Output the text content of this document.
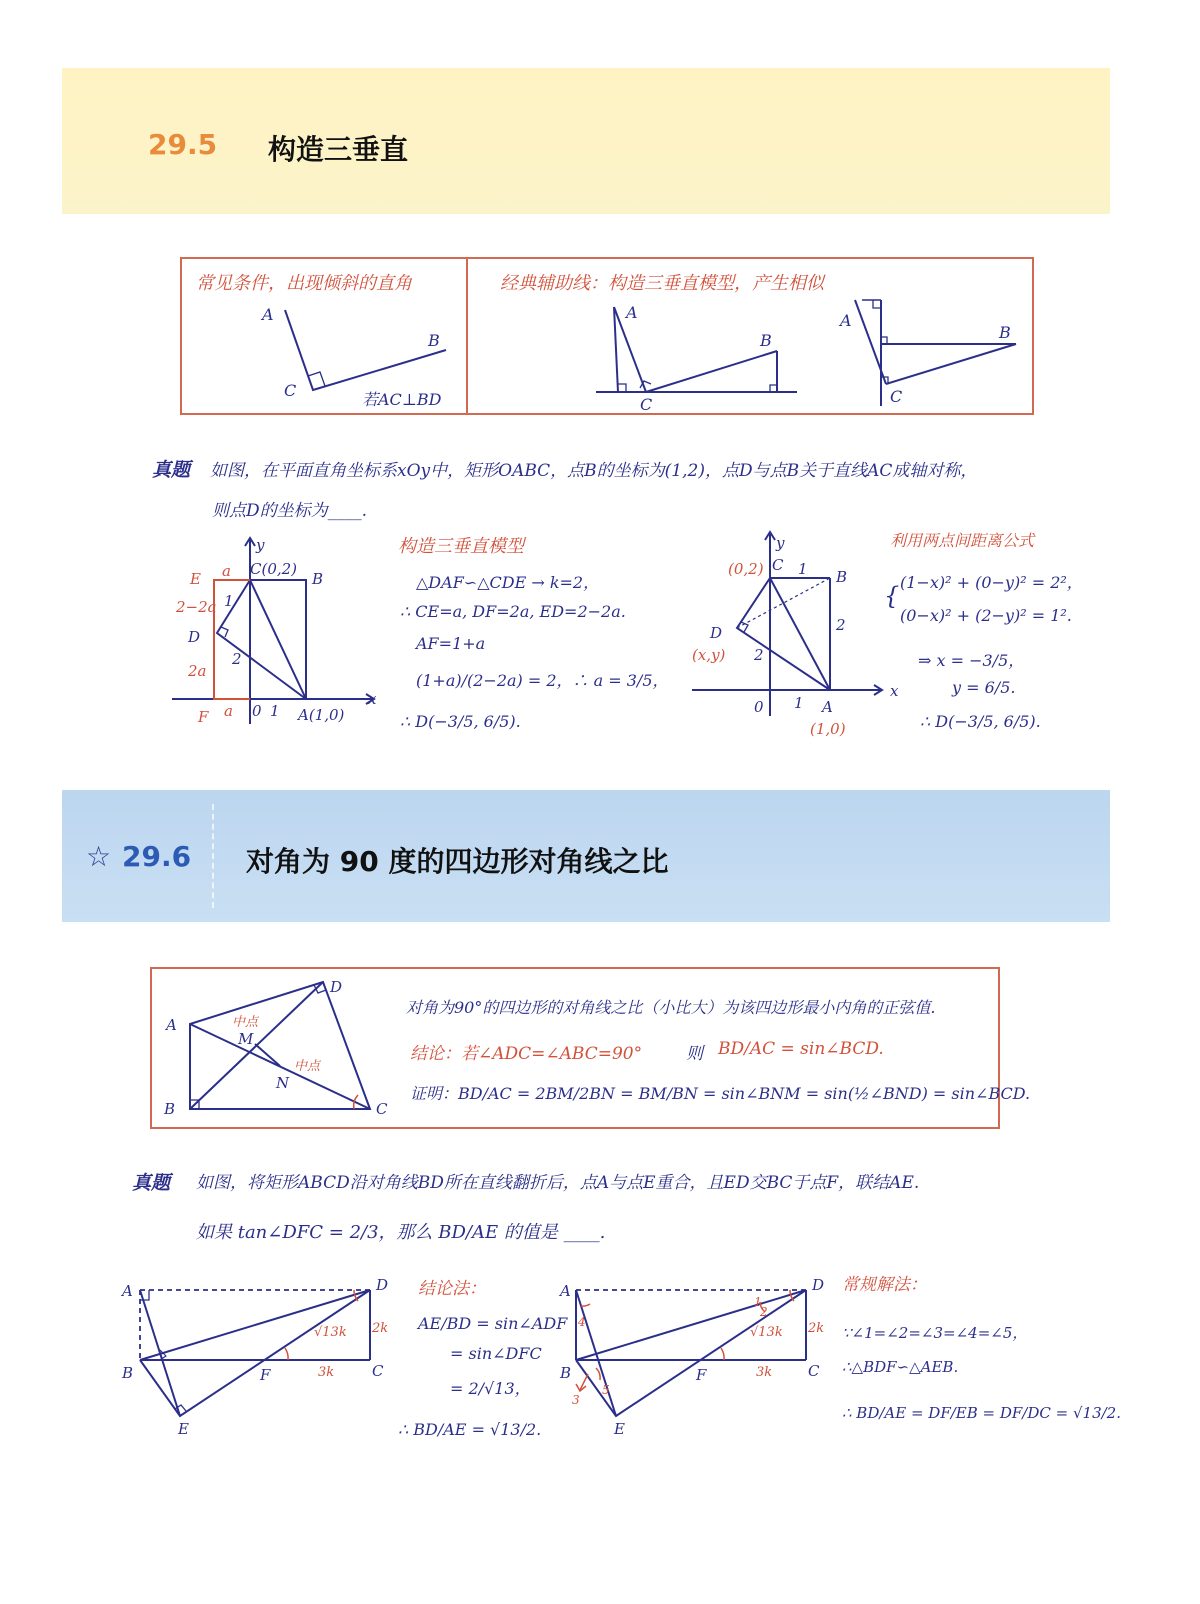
29.5 构造三垂直
常见条件，出现倾斜的直角
若AC⊥BD
经典辅助线：构造三垂直模型，产生相似
A
B
C
A
B
C
A
B
C
真题 如图，在平面直角坐标系xOy中，矩形OABC，点B的坐标为(1,2)，点D与点B关于直线AC成轴对称，
则点D的坐标为____.
E a C(0,2)
B
y
x
2−2a
D
2a
F a 0 1 A(1,0)
2
1
构造三垂直模型
△DAF∽△CDE → k=2，
∴ CE=a, DF=2a, ED=2−2a.
AF=1+a
(1+a)/(2−2a) = 2，∴ a = 3/5，
∴ D(−3/5, 6/5).
C
(0,2) 1 B
y
x
D
(x,y) 2
2
0 1 A
(1,0)
利用两点间距离公式
{ (1−x)² + (0−y)² = 2²，
(0−x)² + (2−y)² = 1².
⇒ x = −3/5，
y = 6/5.
∴ D(−3/5, 6/5).
☆ 29.6 对角为 90 度的四边形对角线之比
对角为90°的四边形的对角线之比（小比大）为该四边形最小内角的正弦值.
结论：若∠ADC=∠ABC=90°	则 BD/AC = sin∠BCD.
证明：BD/AC = 2BM/2BN = BM/BN = sin∠BNM = sin(½∠BND) = sin∠BCD.
A
B	C
D
M
N
中点
中点
真题 如图，将矩形ABCD沿对角线BD所在直线翻折后，点A与点E重合，且ED交BC于点F，联结AE.
如果 tan∠DFC = 2/3，那么 BD/AE 的值是 ____.
A	D
B	C
E
F
√13k 2k
3k
结论法：
AE/BD = sin∠ADF
= sin∠DFC
= 2/√13，
∴ BD/AE = √13/2.
A	D
B	C
E
F
√13k 2k
3k
1
2
3
4
5
常规解法：
∵∠1=∠2=∠3=∠4=∠5，
∴△BDF∽△AEB.
∴ BD/AE = DF/EB = DF/DC = √13/2.
